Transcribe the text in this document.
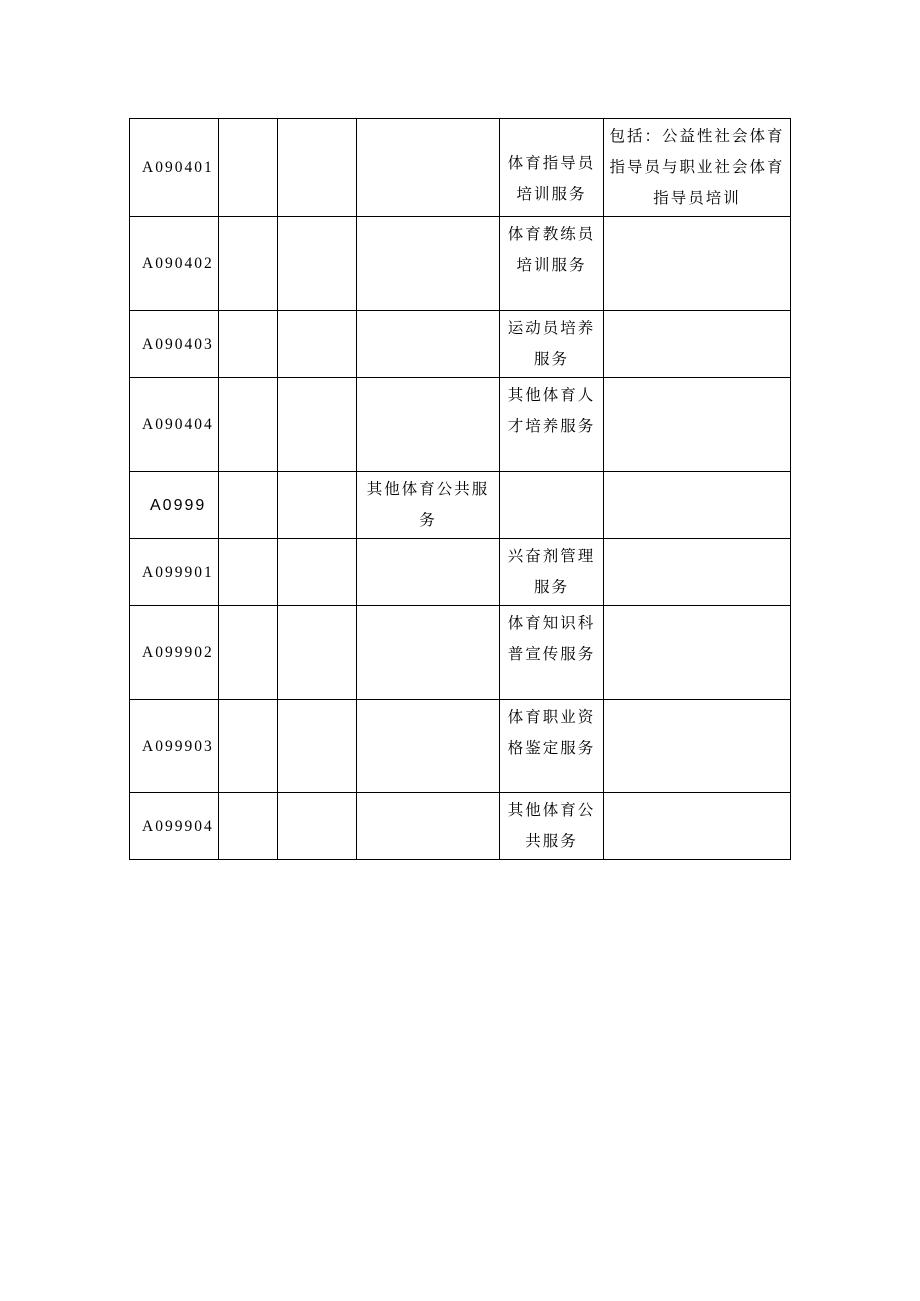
A090401				体育指导员培训服务	包括：公益性社会体育指导员与职业社会体育指导员培训
A090402				体育教练员培训服务	
A090403				运动员培养服务	
A090404				其他体育人才培养服务	
A0999			其他体育公共服务		
A099901				兴奋剂管理服务	
A099902				体育知识科普宣传服务	
A099903				体育职业资格鉴定服务	
A099904				其他体育公共服务	
